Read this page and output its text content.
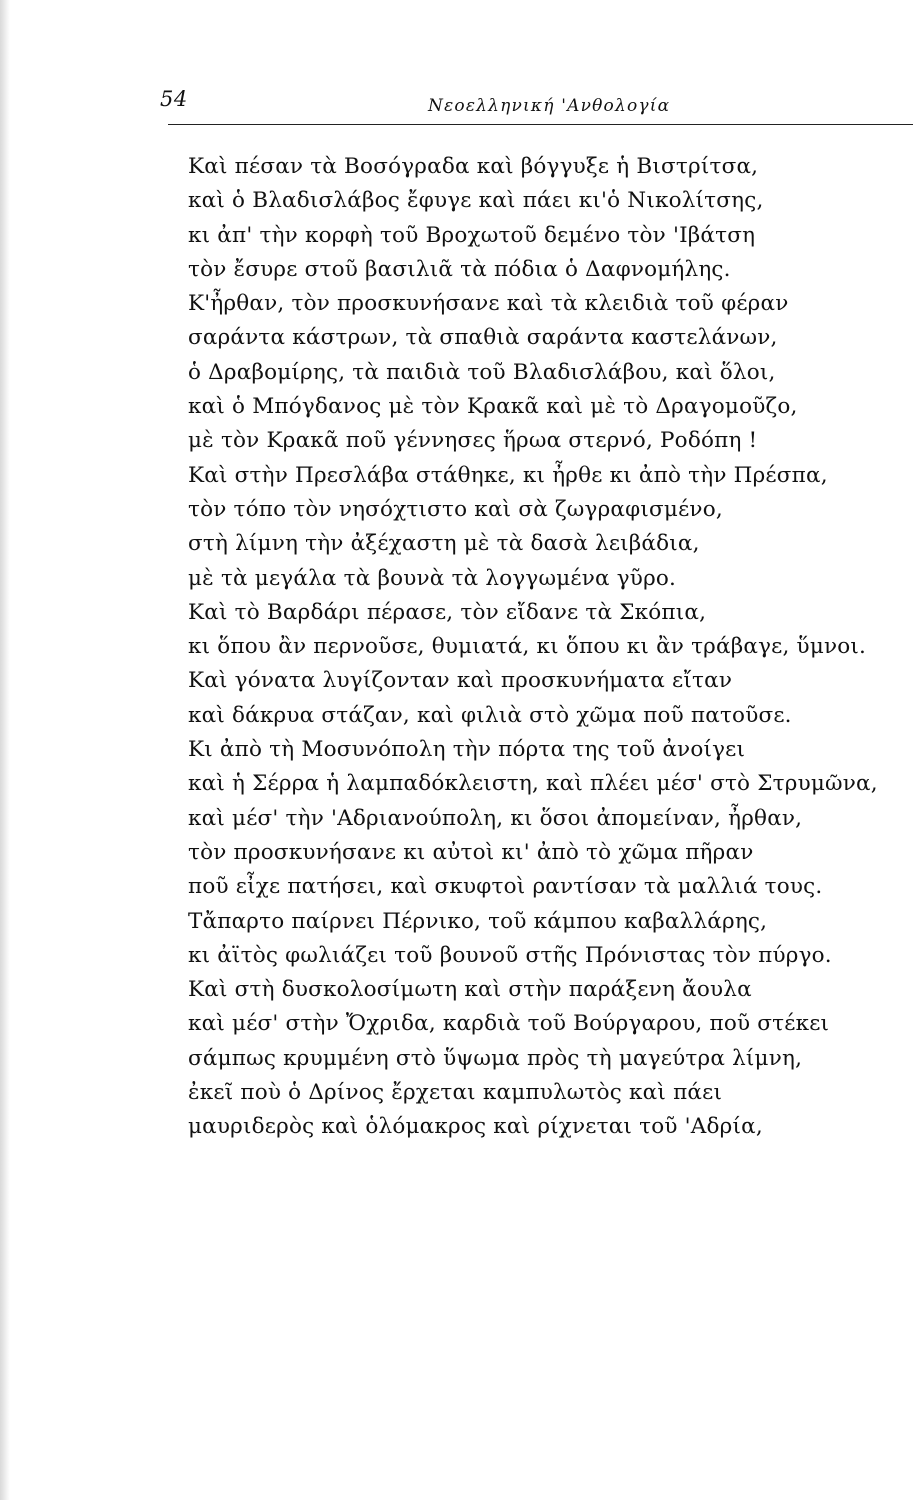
54	Νεοελληνική 'Ανθολογία
Καὶ πέσαν τὰ Βοσόγραδα καὶ βόγγυξε ἡ Βιστρίτσα,
καὶ ὁ Βλαδισλάβος ἔφυγε καὶ πάει κι'ὁ Νικολίτσης,
κι ἀπ' τὴν κορφὴ τοῦ Βροχωτοῦ δεμένο τὸν 'Ιβάτση
τὸν ἔσυρε στοῦ βασιλιᾶ τὰ πόδια ὁ Δαφνομήλης.
Κ'ἦρθαν, τὸν προσκυνήσανε καὶ τὰ κλειδιὰ τοῦ φέραν
σαράντα κάστρων, τὰ σπαθιὰ σαράντα καστελάνων,
ὁ Δραβομίρης, τὰ παιδιὰ τοῦ Βλαδισλάβου, καὶ ὅλοι,
καὶ ὁ Μπόγδανος μὲ τὸν Κρακᾶ καὶ μὲ τὸ Δραγομοῦζο,
μὲ τὸν Κρακᾶ ποῦ γέννησες ἥρωα στερνό, Ροδόπη !
Καὶ στὴν Πρεσλάβα στάθηκε, κι ἦρθε κι ἀπὸ τὴν Πρέσπα,
τὸν τόπο τὸν νησόχτιστο καὶ σὰ ζωγραφισμένο,
στὴ λίμνη τὴν ἀξέχαστη μὲ τὰ δασὰ λειβάδια,
μὲ τὰ μεγάλα τὰ βουνὰ τὰ λογγωμένα γῦρο.
Καὶ τὸ Βαρδάρι πέρασε, τὸν εἴδανε τὰ Σκόπια,
κι ὅπου ἂν περνοῦσε, θυμιατά, κι ὅπου κι ἂν τράβαγε, ὕμνοι.
Καὶ γόνατα λυγίζονταν καὶ προσκυνήματα εἴταν
καὶ δάκρυα στάζαν, καὶ φιλιὰ στὸ χῶμα ποῦ πατοῦσε.
Κι ἀπὸ τὴ Μοσυνόπολη τὴν πόρτα της τοῦ ἀνοίγει
καὶ ἡ Σέρρα ἡ λαμπαδόκλειστη, καὶ πλέει μέσ' στὸ Στρυμῶνα,
καὶ μέσ' τὴν 'Αδριανούπολη, κι ὅσοι ἀπομείναν, ἦρθαν,
τὸν προσκυνήσανε κι αὐτοὶ κι' ἀπὸ τὸ χῶμα πῆραν
ποῦ εἶχε πατήσει, καὶ σκυφτοὶ ραντίσαν τὰ μαλλιά τους.
Τἄπαρτο παίρνει Πέρνικο, τοῦ κάμπου καβαλλάρης,
κι ἀϊτὸς φωλιάζει τοῦ βουνοῦ στῆς Πρόνιστας τὸν πύργο.
Καὶ στὴ δυσκολοσίμωτη καὶ στὴν παράξενη ἄουλα
καὶ μέσ' στὴν Ὄχριδα, καρδιὰ τοῦ Βούργαρου, ποῦ στέκει
σάμπως κρυμμένη στὸ ὕψωμα πρὸς τὴ μαγεύτρα λίμνη,
ἐκεῖ ποὺ ὁ Δρίνος ἔρχεται καμπυλωτὸς καὶ πάει
μαυριδερὸς καὶ ὁλόμακρος καὶ ρίχνεται τοῦ 'Αδρία,
